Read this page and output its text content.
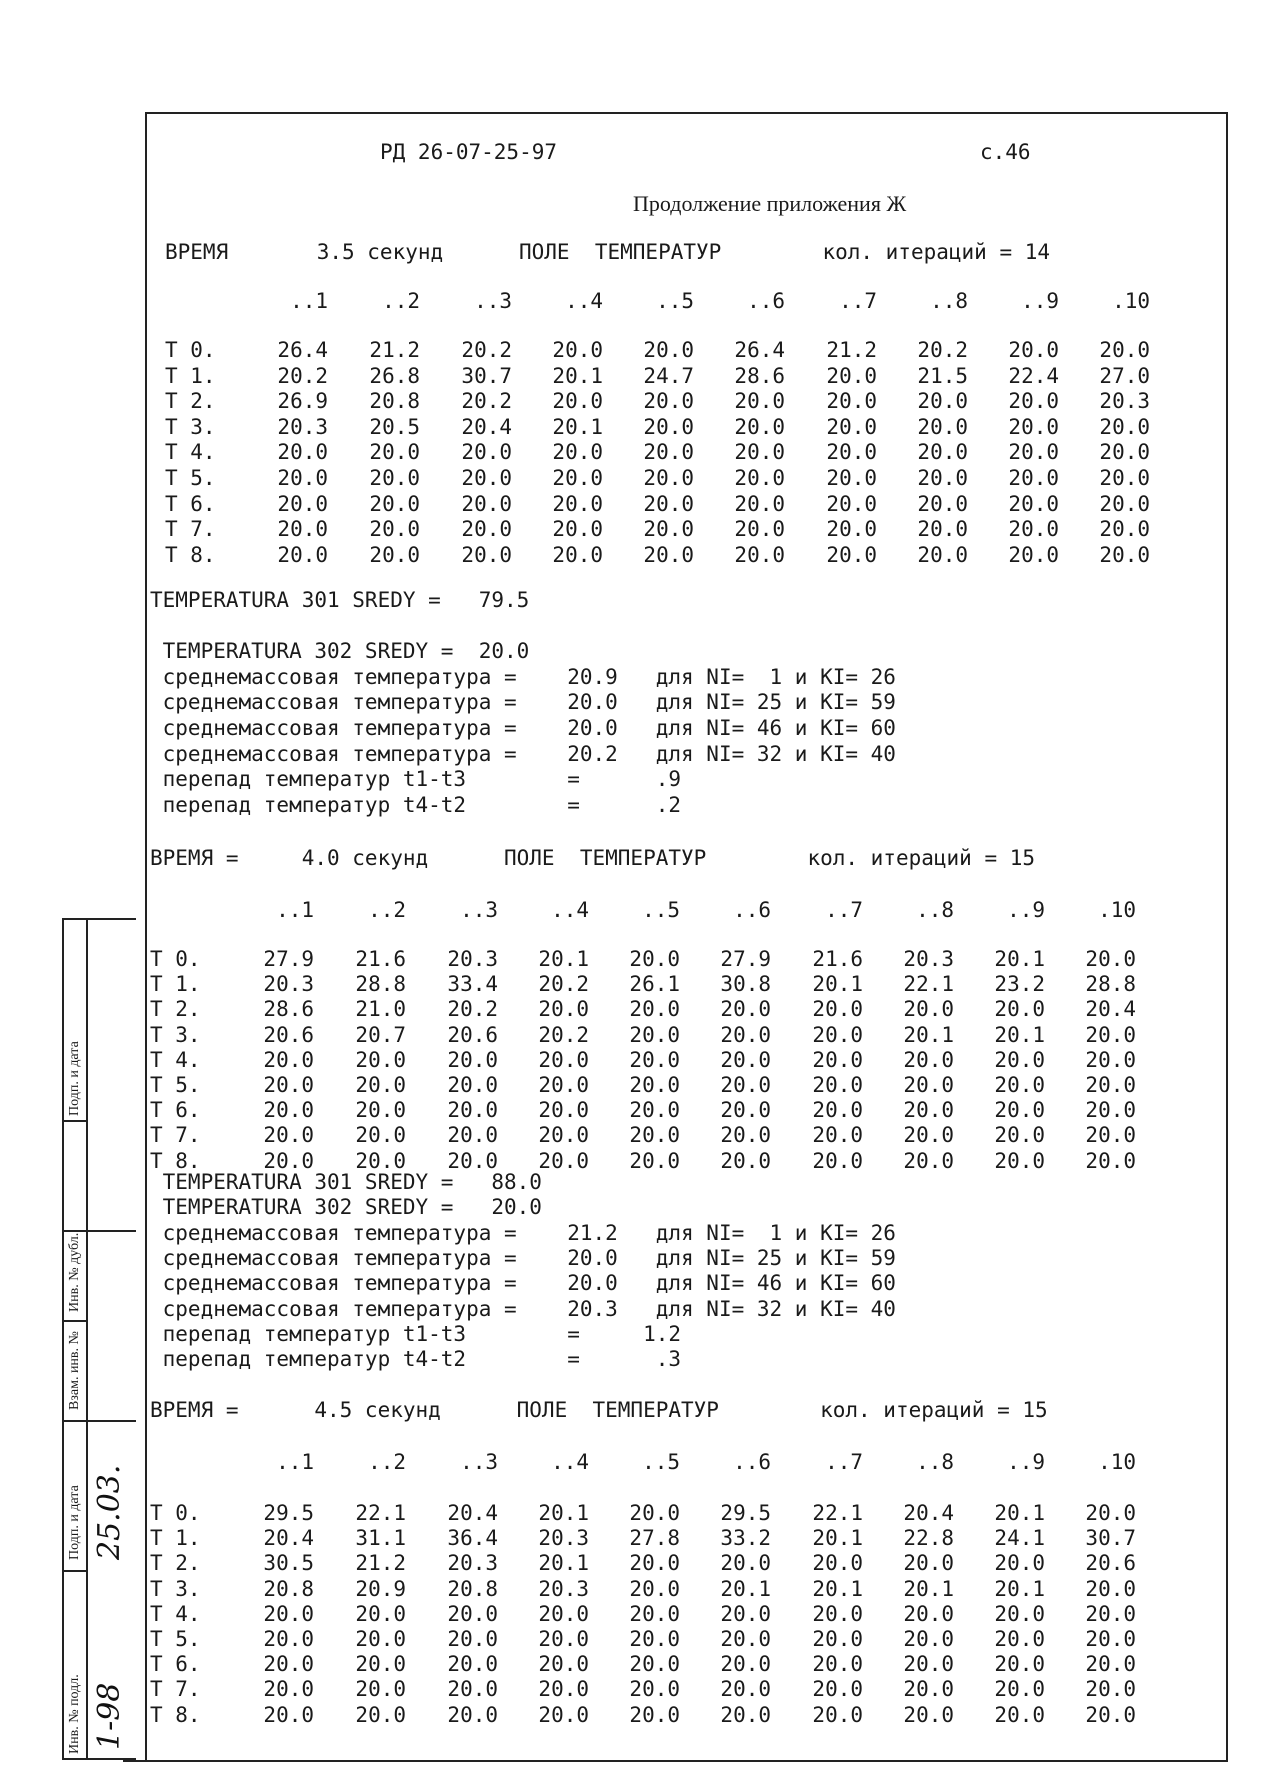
РД 26-07-25-97	с.46
Продолжение приложения Ж
ВРЕМЯ       3.5 секунд      ПОЛЕ  ТЕМПЕРАТУР        кол. итераций = 14
..1	..2	..3	..4	..5	..6	..7	..8	..9	.10
T 0.	26.4	21.2	20.2	20.0	20.0	26.4	21.2	20.2	20.0	20.0
T 1.	20.2	26.8	30.7	20.1	24.7	28.6	20.0	21.5	22.4	27.0
T 2.	26.9	20.8	20.2	20.0	20.0	20.0	20.0	20.0	20.0	20.3
T 3.	20.3	20.5	20.4	20.1	20.0	20.0	20.0	20.0	20.0	20.0
T 4.	20.0	20.0	20.0	20.0	20.0	20.0	20.0	20.0	20.0	20.0
T 5.	20.0	20.0	20.0	20.0	20.0	20.0	20.0	20.0	20.0	20.0
T 6.	20.0	20.0	20.0	20.0	20.0	20.0	20.0	20.0	20.0	20.0
T 7.	20.0	20.0	20.0	20.0	20.0	20.0	20.0	20.0	20.0	20.0
T 8.	20.0	20.0	20.0	20.0	20.0	20.0	20.0	20.0	20.0	20.0
TEMPERATURA 301 SREDY =   79.5
TEMPERATURA 302 SREDY =  20.0
среднемассовая температура =    20.9   для NI=  1 и KI= 26
среднемассовая температура =    20.0   для NI= 25 и KI= 59
среднемассовая температура =    20.0   для NI= 46 и KI= 60
среднемассовая температура =    20.2   для NI= 32 и KI= 40
перепад температур t1-t3        =      .9
перепад температур t4-t2        =      .2
ВРЕМЯ =     4.0 секунд      ПОЛЕ  ТЕМПЕРАТУР        кол. итераций = 15
..1	..2	..3	..4	..5	..6	..7	..8	..9	.10
T 0.	27.9	21.6	20.3	20.1	20.0	27.9	21.6	20.3	20.1	20.0
T 1.	20.3	28.8	33.4	20.2	26.1	30.8	20.1	22.1	23.2	28.8
T 2.	28.6	21.0	20.2	20.0	20.0	20.0	20.0	20.0	20.0	20.4
T 3.	20.6	20.7	20.6	20.2	20.0	20.0	20.0	20.1	20.1	20.0
T 4.	20.0	20.0	20.0	20.0	20.0	20.0	20.0	20.0	20.0	20.0
T 5.	20.0	20.0	20.0	20.0	20.0	20.0	20.0	20.0	20.0	20.0
T 6.	20.0	20.0	20.0	20.0	20.0	20.0	20.0	20.0	20.0	20.0
T 7.	20.0	20.0	20.0	20.0	20.0	20.0	20.0	20.0	20.0	20.0
T 8.	20.0	20.0	20.0	20.0	20.0	20.0	20.0	20.0	20.0	20.0
TEMPERATURA 301 SREDY =   88.0
TEMPERATURA 302 SREDY =   20.0
среднемассовая температура =    21.2   для NI=  1 и KI= 26
среднемассовая температура =    20.0   для NI= 25 и KI= 59
среднемассовая температура =    20.0   для NI= 46 и KI= 60
среднемассовая температура =    20.3   для NI= 32 и KI= 40
перепад температур t1-t3        =     1.2
перепад температур t4-t2        =      .3
ВРЕМЯ =      4.5 секунд      ПОЛЕ  ТЕМПЕРАТУР        кол. итераций = 15
..1	..2	..3	..4	..5	..6	..7	..8	..9	.10
T 0.	29.5	22.1	20.4	20.1	20.0	29.5	22.1	20.4	20.1	20.0
T 1.	20.4	31.1	36.4	20.3	27.8	33.2	20.1	22.8	24.1	30.7
T 2.	30.5	21.2	20.3	20.1	20.0	20.0	20.0	20.0	20.0	20.6
T 3.	20.8	20.9	20.8	20.3	20.0	20.1	20.1	20.1	20.1	20.0
T 4.	20.0	20.0	20.0	20.0	20.0	20.0	20.0	20.0	20.0	20.0
T 5.	20.0	20.0	20.0	20.0	20.0	20.0	20.0	20.0	20.0	20.0
T 6.	20.0	20.0	20.0	20.0	20.0	20.0	20.0	20.0	20.0	20.0
T 7.	20.0	20.0	20.0	20.0	20.0	20.0	20.0	20.0	20.0	20.0
T 8.	20.0	20.0	20.0	20.0	20.0	20.0	20.0	20.0	20.0	20.0
Инв. № подл.
Подп. и дата
Взам. инв. №
Инв. № дубл.
Подп. и дата
1-98
25.03.
